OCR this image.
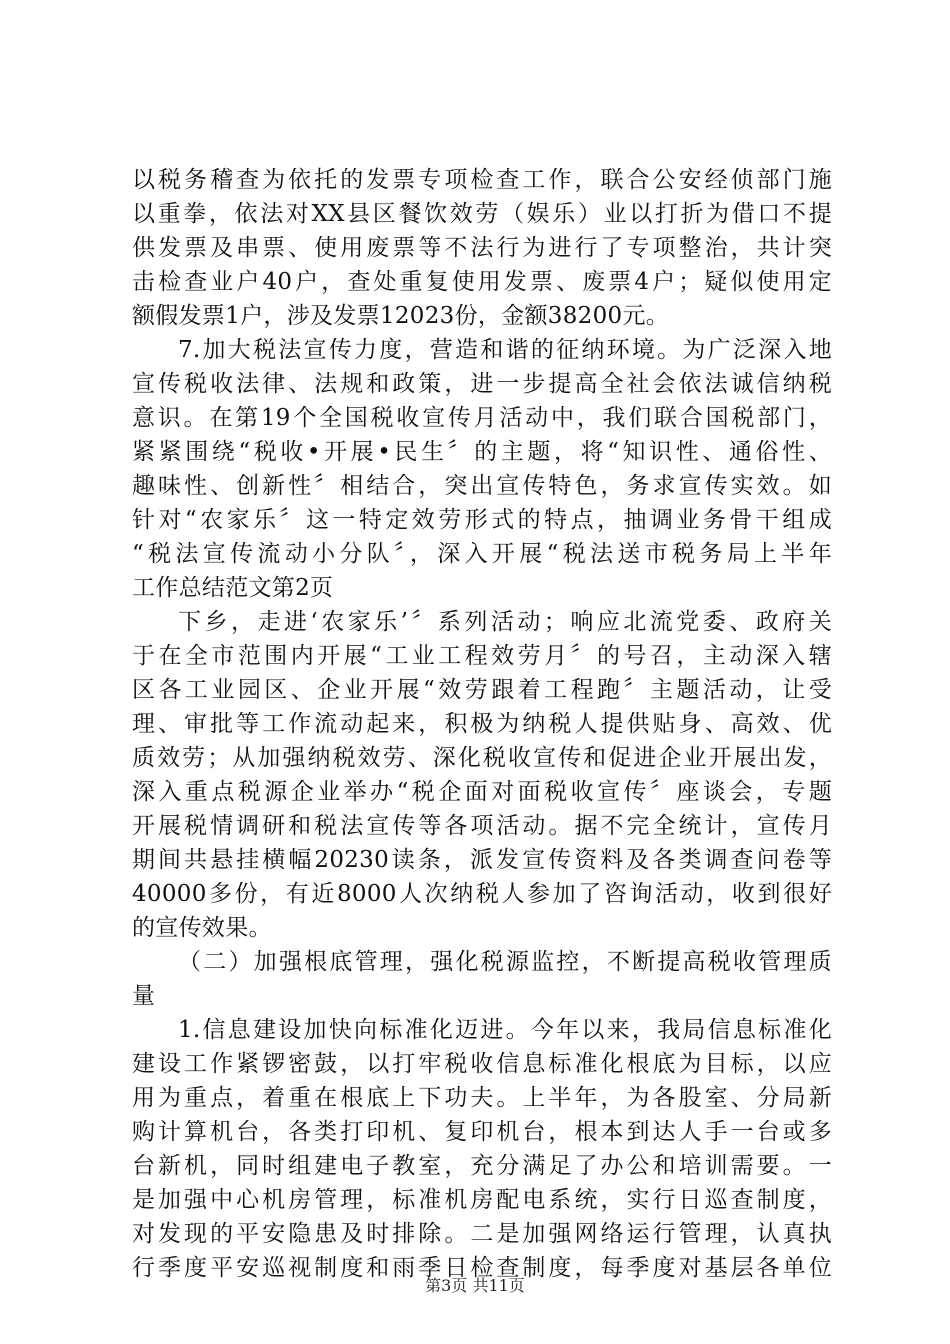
以税务稽查为依托的发票专项检查工作，联合公安经侦部门施
以重拳，依法对XX县区餐饮效劳（娱乐）业以打折为借口不提
供发票及串票、使用废票等不法行为进行了专项整治，共计突
击检查业户40户，查处重复使用发票、废票4户；疑似使用定
额假发票1户，涉及发票12023份，金额38200元。
7.加大税法宣传力度，营造和谐的征纳环境。为广泛深入地
宣传税收法律、法规和政策，进一步提高全社会依法诚信纳税
意识。在第19个全国税收宣传月活动中，我们联合国税部门，
紧紧围绕“税收•开展•民生〞的主题，将“知识性、通俗性、
趣味性、创新性〞相结合，突出宣传特色，务求宣传实效。如
针对“农家乐〞这一特定效劳形式的特点，抽调业务骨干组成
“税法宣传流动小分队〞，深入开展“税法送市税务局上半年
工作总结范文第2页
下乡，走进‘农家乐’〞系列活动；响应北流党委、政府关
于在全市范围内开展“工业工程效劳月〞的号召，主动深入辖
区各工业园区、企业开展“效劳跟着工程跑〞主题活动，让受
理、审批等工作流动起来，积极为纳税人提供贴身、高效、优
质效劳；从加强纳税效劳、深化税收宣传和促进企业开展出发，
深入重点税源企业举办“税企面对面税收宣传〞座谈会，专题
开展税情调研和税法宣传等各项活动。据不完全统计，宣传月
期间共悬挂横幅20230读条，派发宣传资料及各类调查问卷等
40000多份，有近8000人次纳税人参加了咨询活动，收到很好
的宣传效果。
（二）加强根底管理，强化税源监控，不断提高税收管理质
量
1.信息建设加快向标准化迈进。今年以来，我局信息标准化
建设工作紧锣密鼓，以打牢税收信息标准化根底为目标，以应
用为重点，着重在根底上下功夫。上半年，为各股室、分局新
购计算机台，各类打印机、复印机台，根本到达人手一台或多
台新机，同时组建电子教室，充分满足了办公和培训需要。一
是加强中心机房管理，标准机房配电系统，实行日巡查制度，
对发现的平安隐患及时排除。二是加强网络运行管理，认真执
行季度平安巡视制度和雨季日检查制度，每季度对基层各单位
第3页 共11页
